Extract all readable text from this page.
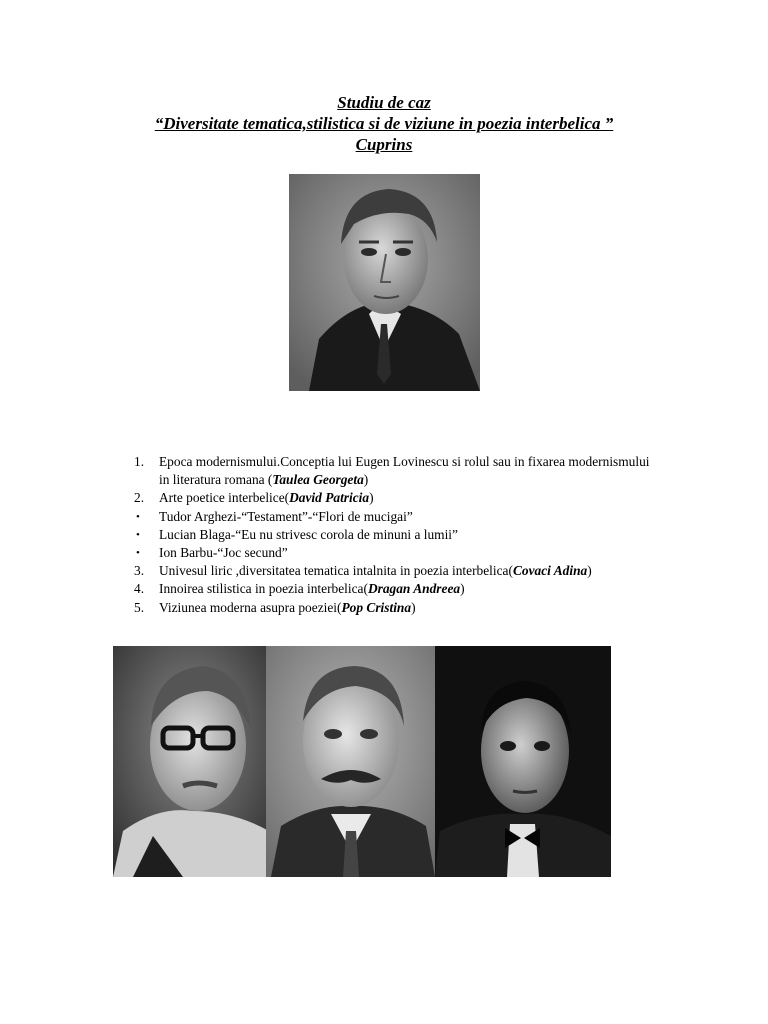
Studiu de caz
“Diversitate tematica,stilistica si de viziune in poezia interbelica ”
Cuprins
1.	Epoca modernismului.Conceptia lui Eugen Lovinescu si rolul sau in fixarea modernismului in literatura romana (Taulea Georgeta)
2.	Arte poetice interbelice(David Patricia)
•	Tudor Arghezi-“Testament”-“Flori de mucigai”
•	Lucian Blaga-“Eu nu strivesc corola de minuni a lumii”
•	Ion Barbu-“Joc secund”
3.	Univesul liric ,diversitatea tematica intalnita in poezia interbelica(Covaci Adina)
4.	Innoirea stilistica in poezia interbelica(Dragan Andreea)
5.	Viziunea moderna asupra poeziei(Pop Cristina)
